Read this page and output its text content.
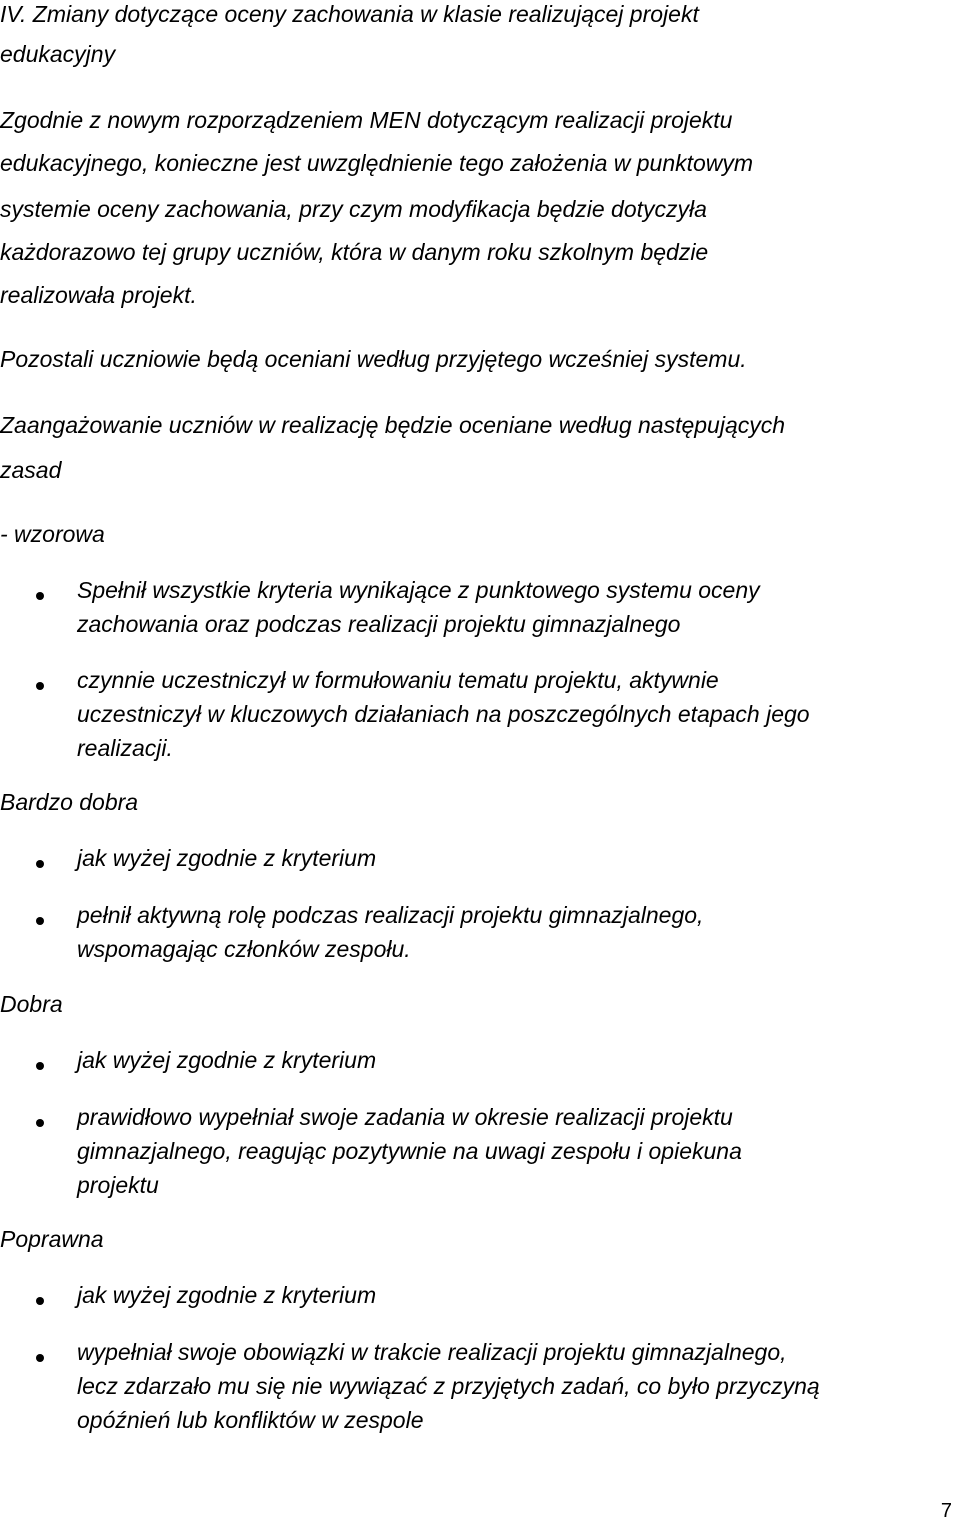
IV. Zmiany dotyczące oceny zachowania w klasie realizującej projekt
edukacyjny
Zgodnie z nowym rozporządzeniem MEN dotyczącym realizacji projektu
edukacyjnego, konieczne jest uwzględnienie tego założenia w punktowym
systemie oceny zachowania, przy czym modyfikacja będzie dotyczyła
każdorazowo tej grupy uczniów, która w danym roku szkolnym będzie
realizowała projekt.
Pozostali uczniowie będą oceniani według przyjętego wcześniej systemu.
Zaangażowanie uczniów w realizację będzie oceniane według następujących
zasad
- wzorowa
Spełnił wszystkie kryteria wynikające z punktowego systemu oceny
zachowania oraz podczas realizacji projektu gimnazjalnego
czynnie uczestniczył w formułowaniu tematu projektu, aktywnie
uczestniczył w kluczowych działaniach na poszczególnych etapach jego
realizacji.
Bardzo dobra
jak wyżej zgodnie z kryterium
pełnił aktywną rolę podczas realizacji projektu gimnazjalnego,
wspomagając członków zespołu.
Dobra
jak wyżej zgodnie z kryterium
prawidłowo wypełniał swoje zadania w okresie realizacji projektu
gimnazjalnego, reagując pozytywnie na uwagi zespołu i opiekuna
projektu
Poprawna
jak wyżej zgodnie z kryterium
wypełniał swoje obowiązki w trakcie realizacji projektu gimnazjalnego,
lecz zdarzało mu się nie wywiązać z przyjętych zadań, co było przyczyną
opóźnień lub konfliktów w zespole
7
